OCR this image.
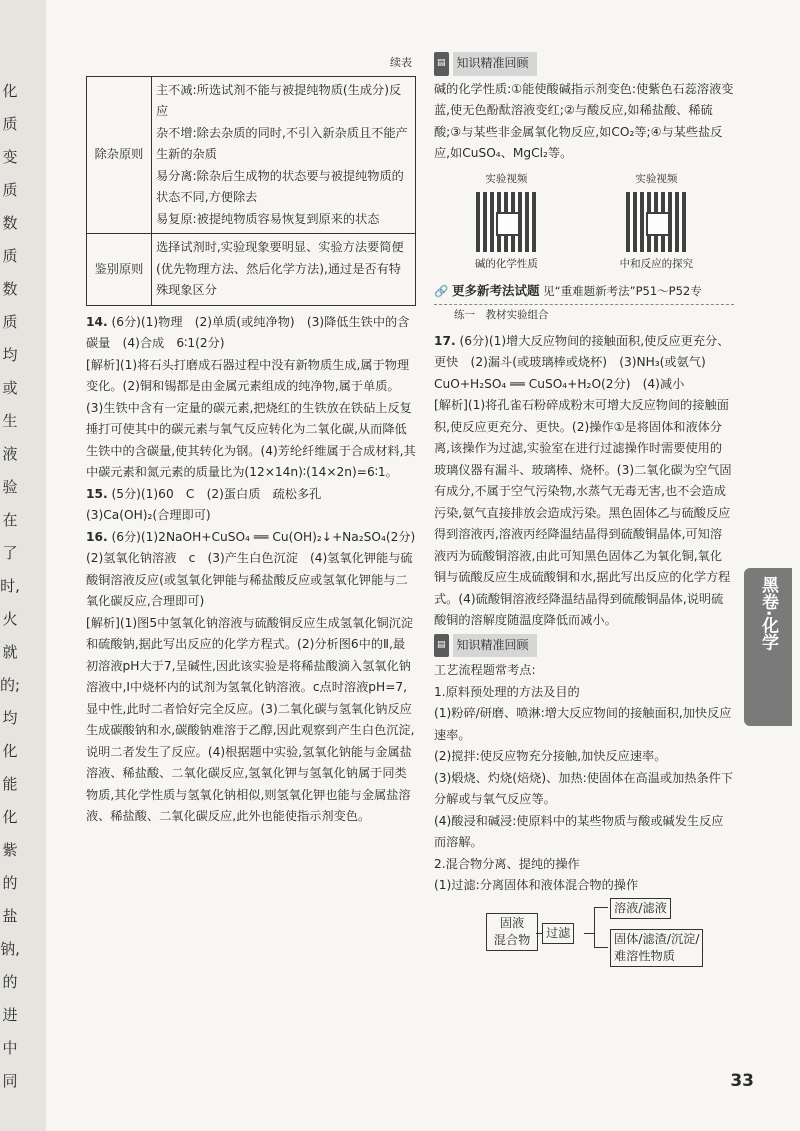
化
质
变
质
数
质
数
质
均
或
生
液
验
在
了
时,
火
就
的;
均
化
能
化
紫
的
盐
钠,
的
进
中
同
续表
除杂原则	主不减:所选试剂不能与被提纯物质(生成分)反应
杂不增:除去杂质的同时,不引入新杂质且不能产生新的杂质
易分离:除杂后生成物的状态要与被提纯物质的状态不同,方便除去
易复原:被提纯物质容易恢复到原来的状态
鉴别原则	选择试剂时,实验现象要明显、实验方法要简便(优先物理方法、然后化学方法),通过是否有特殊现象区分
14. (6分)(1)物理　(2)单质(或纯净物)　(3)降低生铁中的含碳量　(4)合成　6∶1(2分)
[解析](1)将石头打磨成石器过程中没有新物质生成,属于物理变化。(2)铜和锡都是由金属元素组成的纯净物,属于单质。(3)生铁中含有一定量的碳元素,把烧红的生铁放在铁砧上反复捶打可使其中的碳元素与氧气反应转化为二氧化碳,从而降低生铁中的含碳量,使其转化为钢。(4)芳纶纤维属于合成材料,其中碳元素和氮元素的质量比为(12×14n)∶(14×2n)=6∶1。
15. (5分)(1)60　C　(2)蛋白质　疏松多孔　(3)Ca(OH)₂(合理即可)
16. (6分)(1)2NaOH+CuSO₄ ══ Cu(OH)₂↓+Na₂SO₄(2分)　(2)氢氧化钠溶液　c　(3)产生白色沉淀　(4)氢氧化钾能与硫酸铜溶液反应(或氢氧化钾能与稀盐酸反应或氢氧化钾能与二氧化碳反应,合理即可)
[解析](1)图5中氢氧化钠溶液与硫酸铜反应生成氢氧化铜沉淀和硫酸钠,据此写出反应的化学方程式。(2)分析图6中的Ⅱ,最初溶液pH大于7,呈碱性,因此该实验是将稀盐酸滴入氢氧化钠溶液中,Ⅰ中烧杯内的试剂为氢氧化钠溶液。c点时溶液pH=7,显中性,此时二者恰好完全反应。(3)二氧化碳与氢氧化钠反应生成碳酸钠和水,碳酸钠难溶于乙醇,因此观察到产生白色沉淀,说明二者发生了反应。(4)根据题中实验,氢氧化钠能与金属盐溶液、稀盐酸、二氧化碳反应,氢氧化钾与氢氧化钠属于同类物质,其化学性质与氢氧化钠相似,则氢氧化钾也能与金属盐溶液、稀盐酸、二氧化碳反应,此外也能使指示剂变色。
▤ 知识精准回顾
碱的化学性质:①能使酸碱指示剂变色:使紫色石蕊溶液变蓝,使无色酚酞溶液变红;②与酸反应,如稀盐酸、稀硫酸;③与某些非金属氧化物反应,如CO₂等;④与某些盐反应,如CuSO₄、MgCl₂等。
实验视频
碱的化学性质
实验视频
中和反应的探究
🔗 更多新考法试题 见“重难题新考法”P51～P52专
练一　教材实验组合
17. (6分)(1)增大反应物间的接触面积,使反应更充分、更快　(2)漏斗(或玻璃棒或烧杯)　(3)NH₃(或氨气)　CuO+H₂SO₄ ══ CuSO₄+H₂O(2分)　(4)减小
[解析](1)将孔雀石粉碎成粉末可增大反应物间的接触面积,使反应更充分、更快。(2)操作①是将固体和液体分离,该操作为过滤,实验室在进行过滤操作时需要使用的玻璃仪器有漏斗、玻璃棒、烧杯。(3)二氧化碳为空气固有成分,不属于空气污染物,水蒸气无毒无害,也不会造成污染,氨气直接排放会造成污染。黑色固体乙与硫酸反应得到溶液丙,溶液丙经降温结晶得到硫酸铜晶体,可知溶液丙为硫酸铜溶液,由此可知黑色固体乙为氧化铜,氧化铜与硫酸反应生成硫酸铜和水,据此写出反应的化学方程式。(4)硫酸铜溶液经降温结晶得到硫酸铜晶体,说明硫酸铜的溶解度随温度降低而减小。
▤ 知识精准回顾
工艺流程题常考点:
1.原料预处理的方法及目的
(1)粉碎/研磨、喷淋:增大反应物间的接触面积,加快反应速率。
(2)搅拌:使反应物充分接触,加快反应速率。
(3)煅烧、灼烧(焙烧)、加热:使固体在高温或加热条件下分解或与氧气反应等。
(4)酸浸和碱浸:使原料中的某些物质与酸或碱发生反应而溶解。
2.混合物分离、提纯的操作
(1)过滤:分离固体和液体混合物的操作
固液
混合物	过滤
溶液/滤液
固体/滤渣/沉淀/
难溶性物质
黑卷·化学
33
